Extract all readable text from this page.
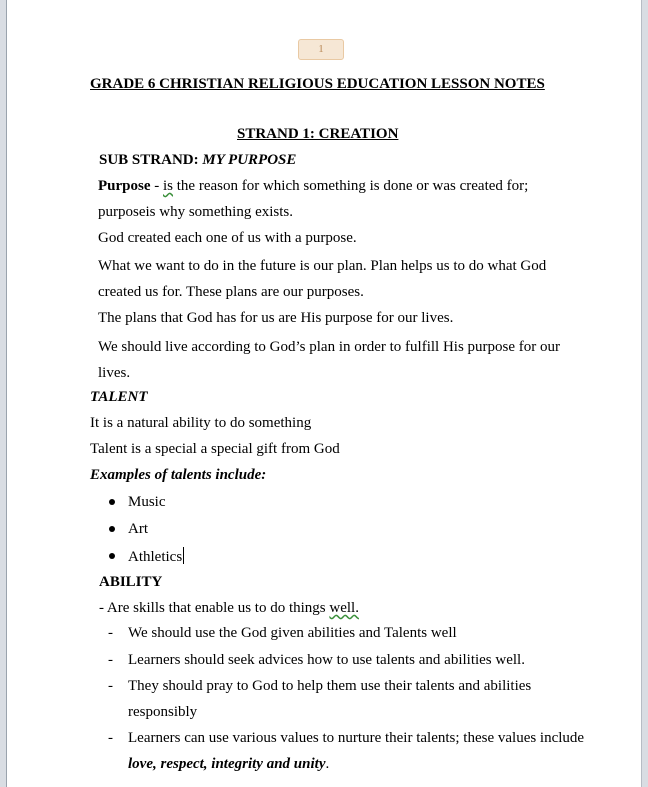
1
GRADE 6 CHRISTIAN RELIGIOUS EDUCATION LESSON NOTES
STRAND 1: CREATION
SUB STRAND: MY PURPOSE
Purpose - is the reason for which something is done or was created for;
purposeis why something exists.
God created each one of us with a purpose.
What we want to do in the future is our plan. Plan helps us to do what God
created us for. These plans are our purposes.
The plans that God has for us are His purpose for our lives.
We should live according to God’s plan in order to fulfill His purpose for our
lives.
TALENT
It is a natural ability to do something
Talent is a special a special gift from God
Examples of talents include:
Music
Art
Athletics
ABILITY
- Are skills that enable us to do things well.
- We should use the God given abilities and Talents well
- Learners should seek advices how to use talents and abilities well.
- They should pray to God to help them use their talents and abilities
responsibly
- Learners can use various values to nurture their talents; these values include
love, respect, integrity and unity.
